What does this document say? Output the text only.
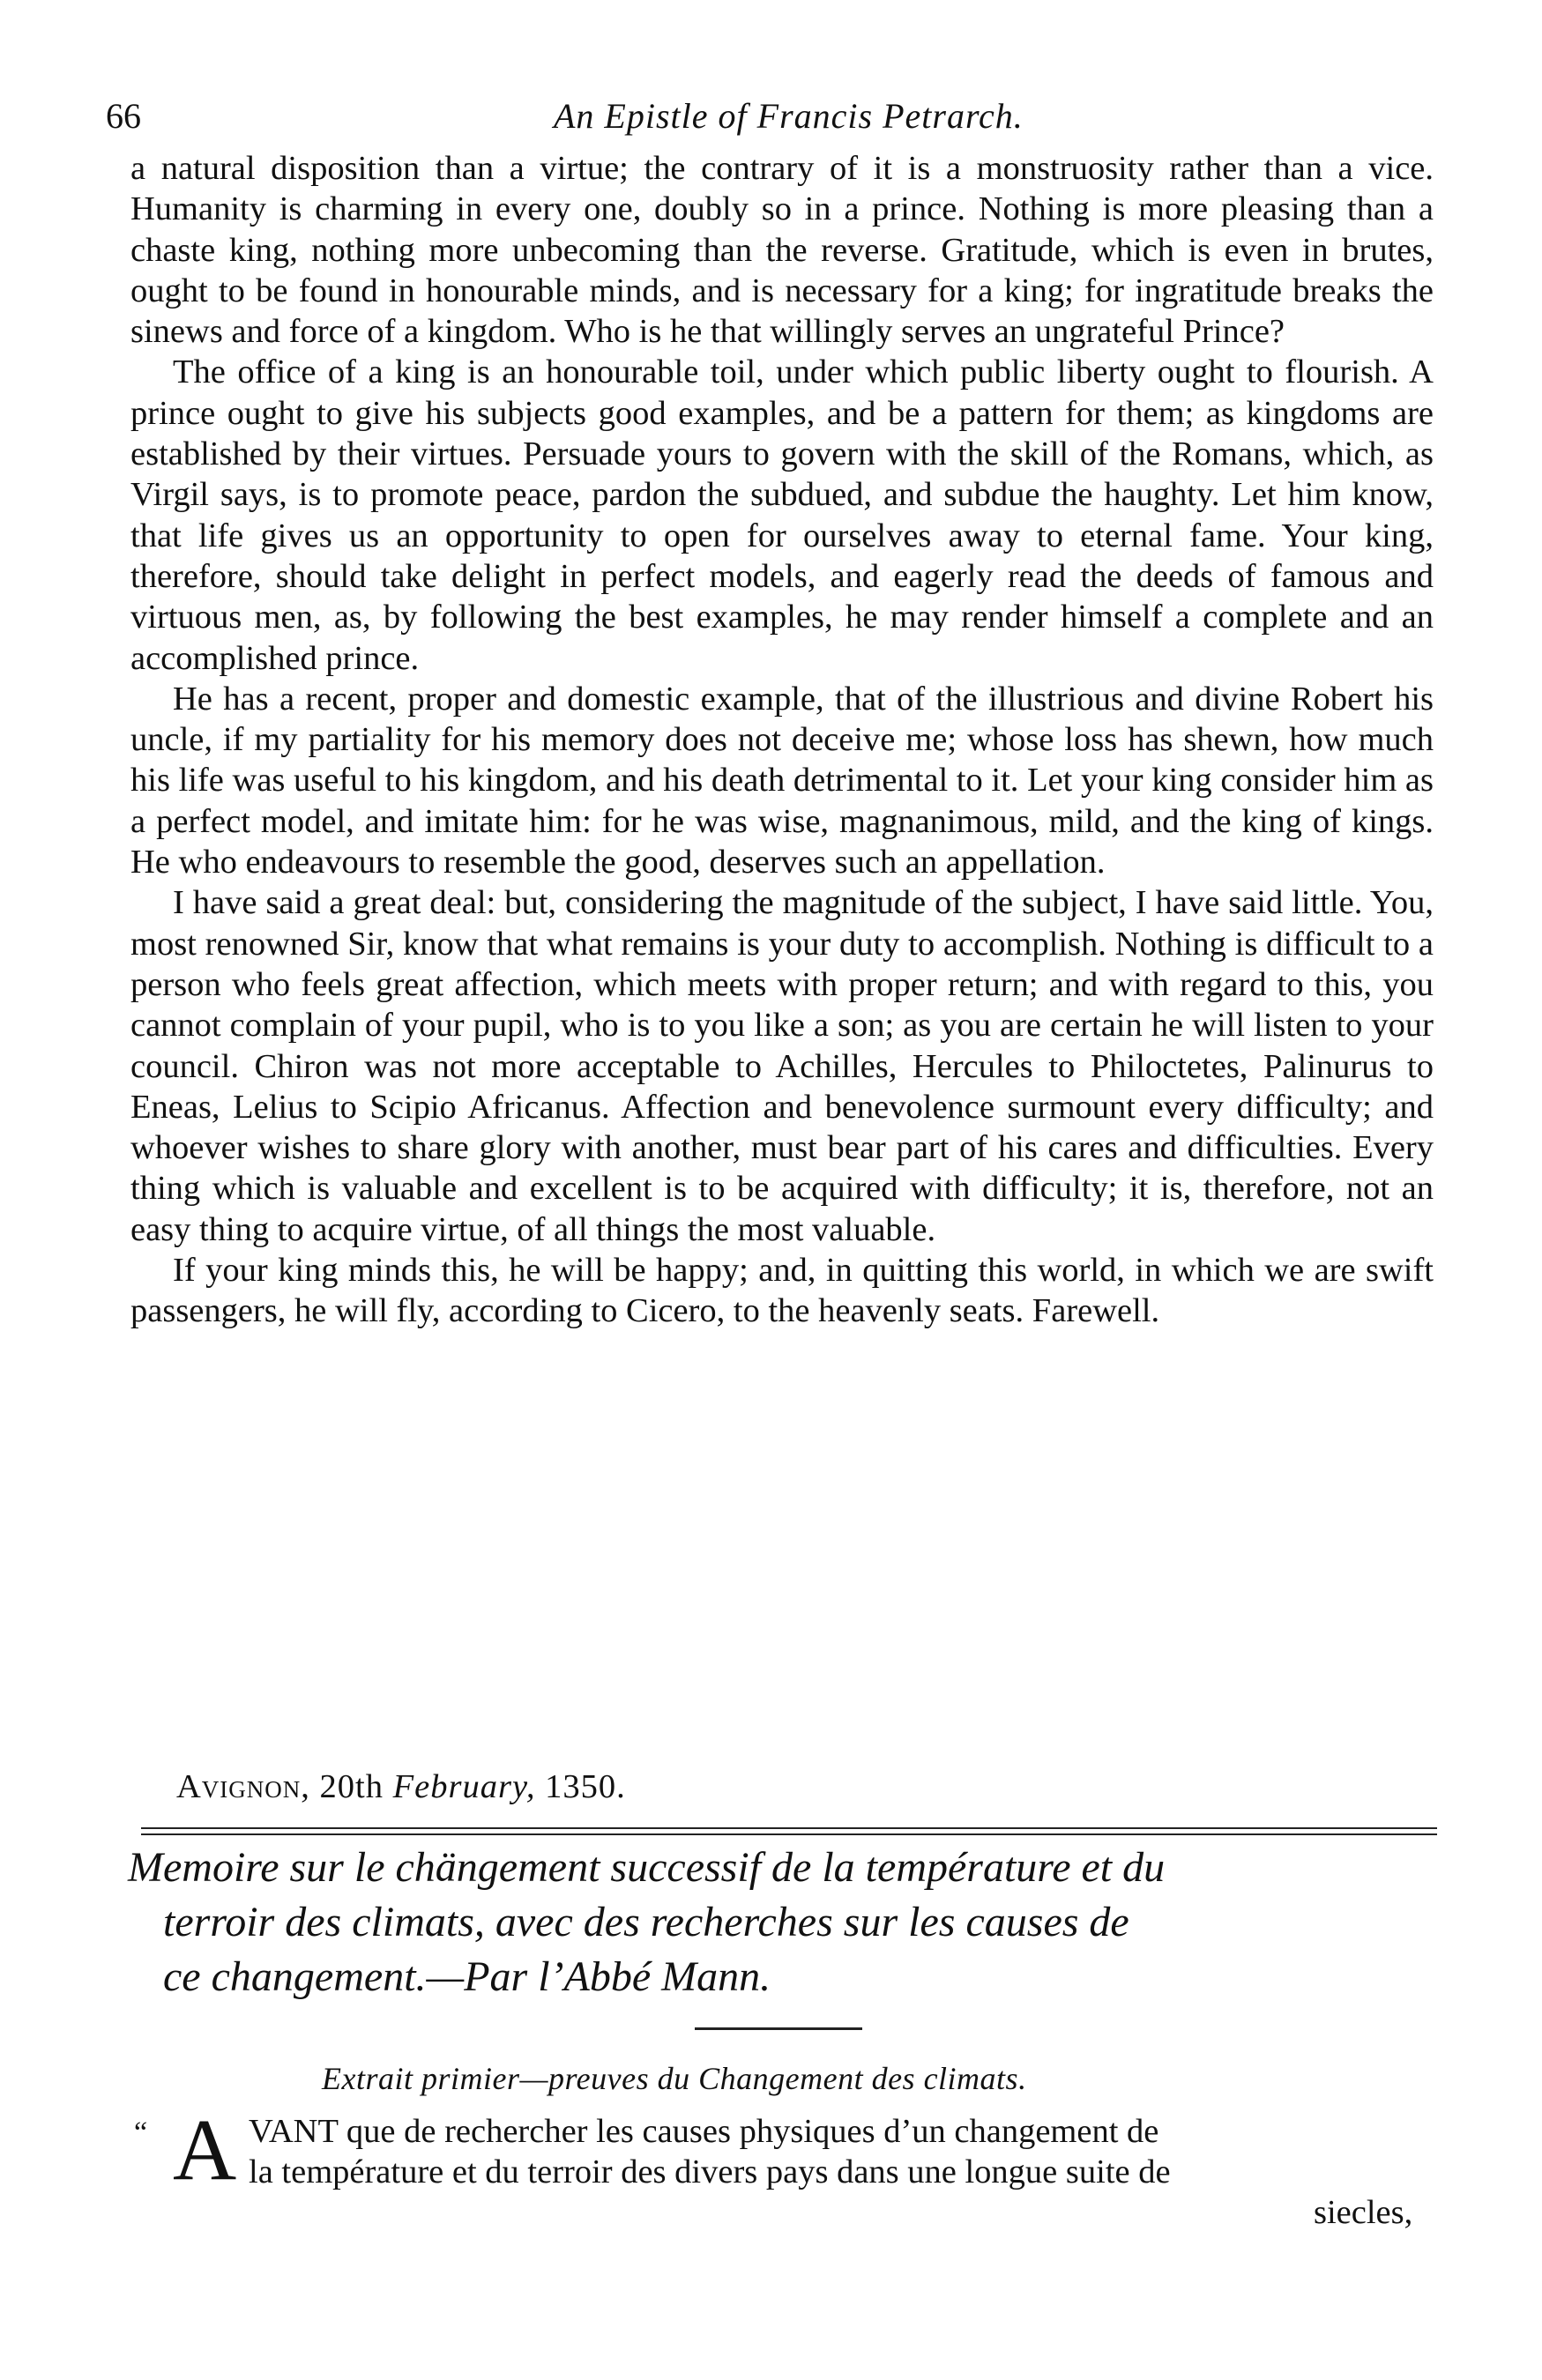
66	An Epistle of Francis Petrarch.

a natural disposition than a virtue; the contrary of it is a monstruosity rather than a vice. Humanity is charming in every one, doubly so in a prince. Nothing is more pleasing than a chaste king, nothing more unbecoming than the reverse. Gratitude, which is even in brutes, ought to be found in honourable minds, and is necessary for a king; for ingratitude breaks the sinews and force of a kingdom. Who is he that willingly serves an ungrateful Prince?

The office of a king is an honourable toil, under which public liberty ought to flourish. A prince ought to give his subjects good examples, and be a pattern for them; as kingdoms are established by their virtues. Persuade yours to govern with the skill of the Romans, which, as Virgil says, is to promote peace, pardon the subdued, and subdue the haughty. Let him know, that life gives us an opportunity to open for ourselves away to eternal fame. Your king, therefore, should take delight in perfect models, and eagerly read the deeds of famous and virtuous men, as, by following the best examples, he may render himself a complete and an accomplished prince.

He has a recent, proper and domestic example, that of the illustrious and divine Robert his uncle, if my partiality for his memory does not deceive me; whose loss has shewn, how much his life was useful to his kingdom, and his death detrimental to it. Let your king consider him as a perfect model, and imitate him: for he was wise, magnanimous, mild, and the king of kings. He who endeavours to resemble the good, deserves such an appellation.

I have said a great deal: but, considering the magnitude of the subject, I have said little. You, most renowned Sir, know that what remains is your duty to accomplish. Nothing is difficult to a person who feels great affection, which meets with proper return; and with regard to this, you cannot complain of your pupil, who is to you like a son; as you are certain he will listen to your council. Chiron was not more acceptable to Achilles, Hercules to Philoctetes, Palinurus to Eneas, Lelius to Scipio Africanus. Affection and benevolence surmount every difficulty; and whoever wishes to share glory with another, must bear part of his cares and difficulties. Every thing which is valuable and excellent is to be acquired with difficulty; it is, therefore, not an easy thing to acquire virtue, of all things the most valuable.

If your king minds this, he will be happy; and, in quitting this world, in which we are swift passengers, he will fly, according to Cicero, to the heavenly seats. Farewell.

Avignon, 20th February, 1350.
Memoire sur le chängement successif de la température et du
terroir des climats, avec des recherches sur les causes de
ce changement.—Par l’Abbé Mann.
Extrait primier—preuves du Changement des climats.
“ A VANT que de rechercher les causes physiques d’un changement de
la température et du terroir des divers pays dans une longue suite de
siecles,
